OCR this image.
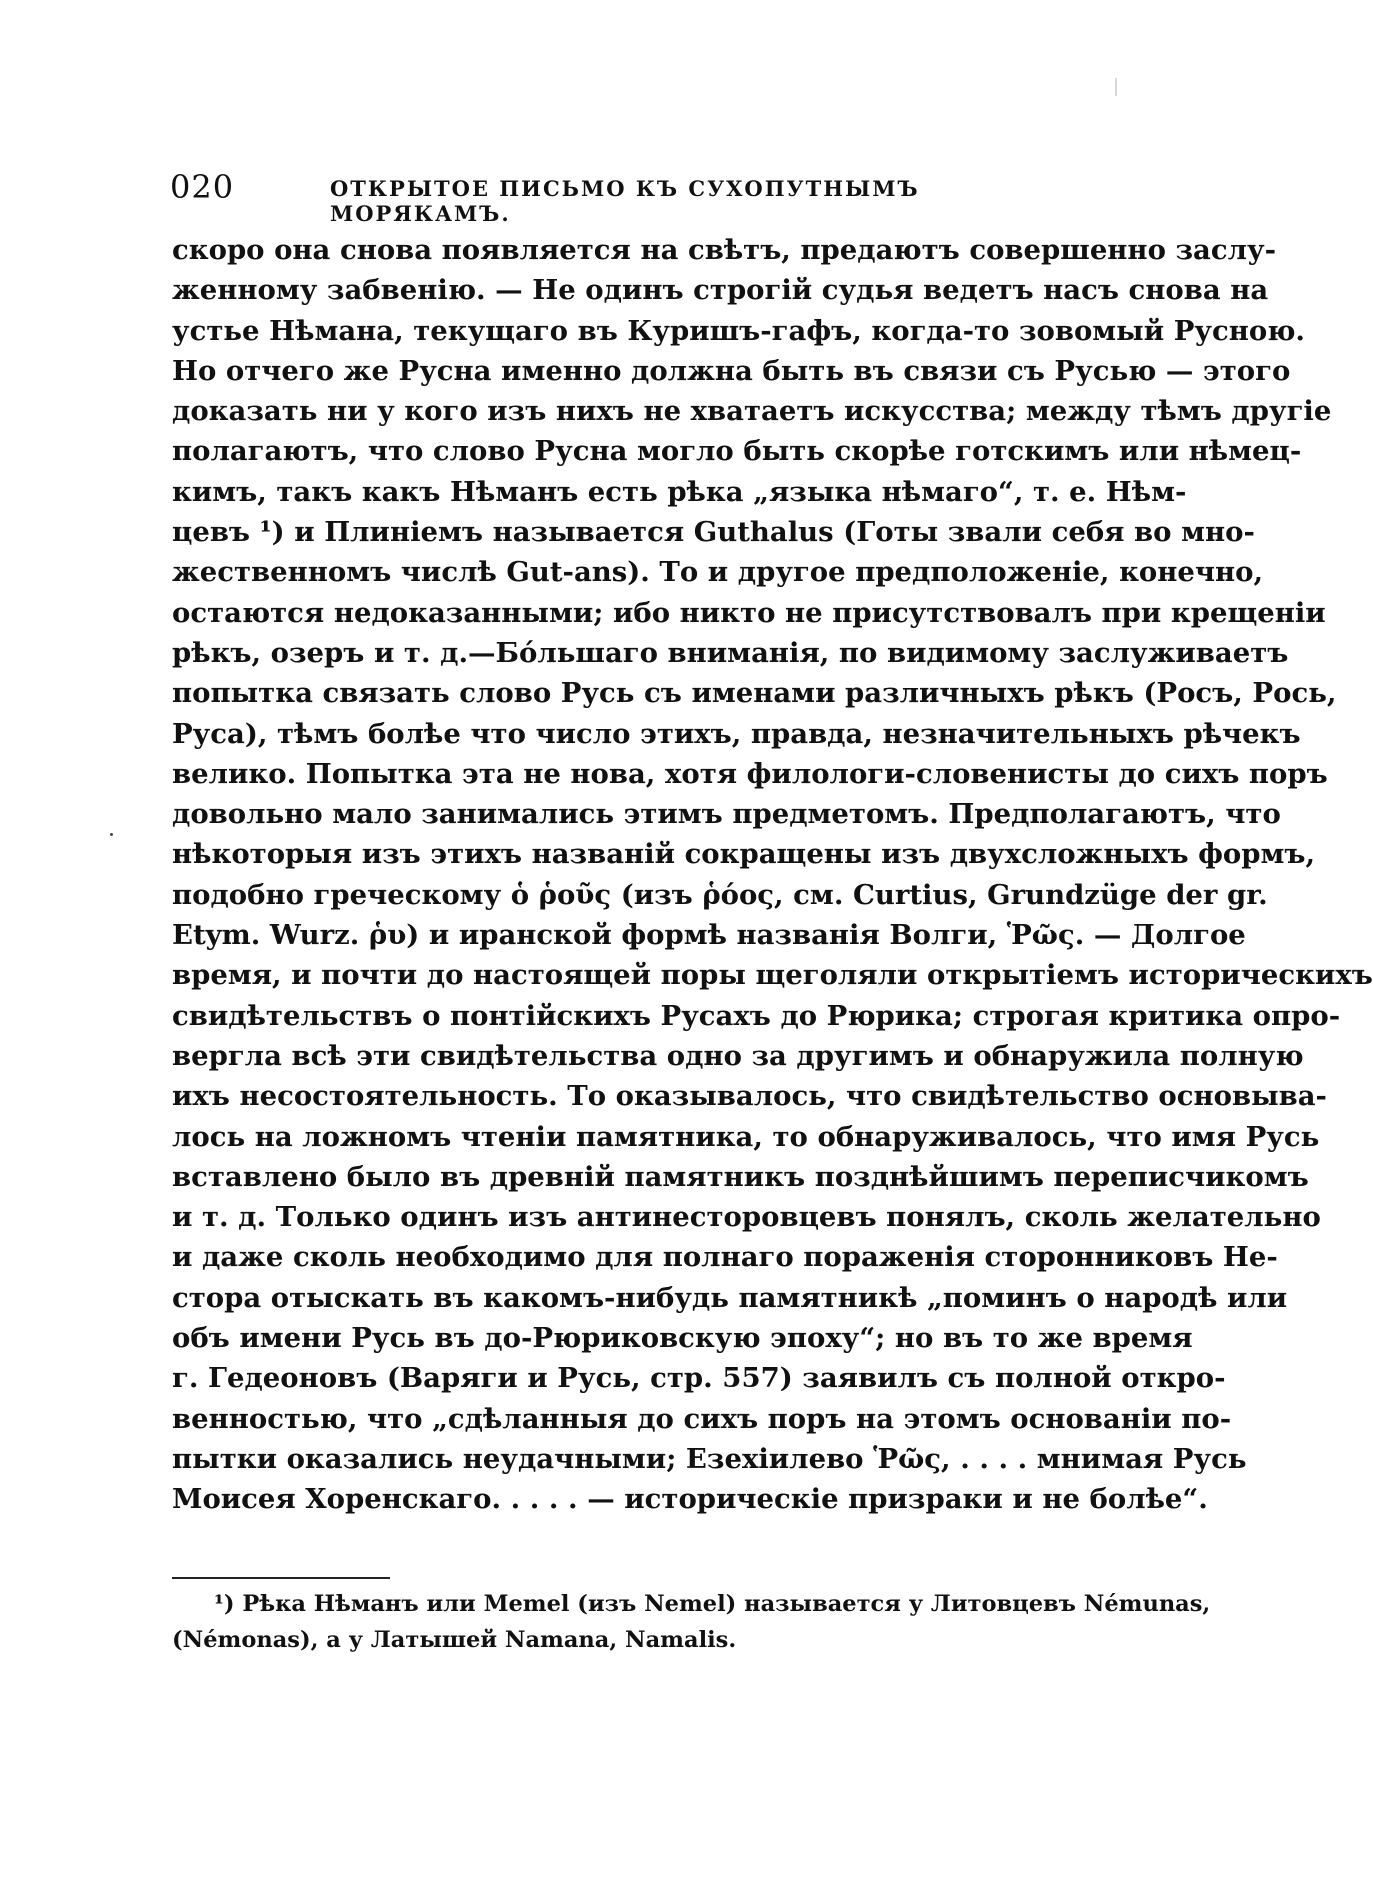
020	ОТКРЫТОЕ ПИСЬМО КЪ СУХОПУТНЫМЪ МОРЯКАМЪ.
скоро она снова появляется на свѣтъ, предаютъ совершенно заслу-
женному забвенію. — Не одинъ строгій судья ведетъ насъ снова на
устье Нѣмана, текущаго въ Куришъ-гафъ, когда-то зовомый Русною.
Но отчего же Русна именно должна быть въ связи съ Русью — этого
доказать ни у кого изъ нихъ не хватаетъ искусства; между тѣмъ другіе
полагаютъ, что слово Русна могло быть скорѣе готскимъ или нѣмец-
кимъ, такъ какъ Нѣманъ есть рѣка „языка нѣмаго“, т. е. Нѣм-
цевъ ¹) и Плиніемъ называется Guthalus (Готы звали себя во мно-
жественномъ числѣ Gut-ans). То и другое предположеніе, конечно,
остаются недоказанными; ибо никто не присутствовалъ при крещеніи
рѣкъ, озеръ и т. д.—Бóльшаго вниманія, по видимому заслуживаетъ
попытка связать слово Русь съ именами различныхъ рѣкъ (Росъ, Рось,
Руса), тѣмъ болѣе что число этихъ, правда, незначительныхъ рѣчекъ
велико. Попытка эта не нова, хотя филологи-словенисты до сихъ поръ
довольно мало занимались этимъ предметомъ. Предполагаютъ, что
нѣкоторыя изъ этихъ названій сокращены изъ двухсложныхъ формъ,
подобно греческому ὁ ῥοῦς (изъ ῥόος, см. Curtius, Grundzüge der gr.
Etym. Wurz. ῥυ) и иранской формѣ названія Волги, Ῥῶς. — Долгое
время, и почти до настоящей поры щеголяли открытіемъ историческихъ
свидѣтельствъ о понтійскихъ Русахъ до Рюрика; строгая критика опро-
вергла всѣ эти свидѣтельства одно за другимъ и обнаружила полную
ихъ несостоятельность. То оказывалось, что свидѣтельство основыва-
лось на ложномъ чтеніи памятника, то обнаруживалось, что имя Русь
вставлено было въ древній памятникъ позднѣйшимъ переписчикомъ
и т. д. Только одинъ изъ антинесторовцевъ понялъ, сколь желательно
и даже сколь необходимо для полнаго пораженія сторонниковъ Не-
стора отыскать въ какомъ-нибудь памятникѣ „поминъ о народѣ или
объ имени Русь въ до-Рюриковскую эпоху“; но въ то же время
г. Гедеоновъ (Варяги и Русь, стр. 557) заявилъ съ полной откро-
венностью, что „сдѣланныя до сихъ поръ на этомъ основаніи по-
пытки оказались неудачными; Езехіилево Ῥῶς, . . . . мнимая Русь
Моисея Хоренскаго. . . . . — историческіе призраки и не болѣе“.
¹) Рѣка Нѣманъ или Memel (изъ Nemel) называется у Литовцевъ Némunas,
(Némonas), а у Латышей Namana, Namalis.
